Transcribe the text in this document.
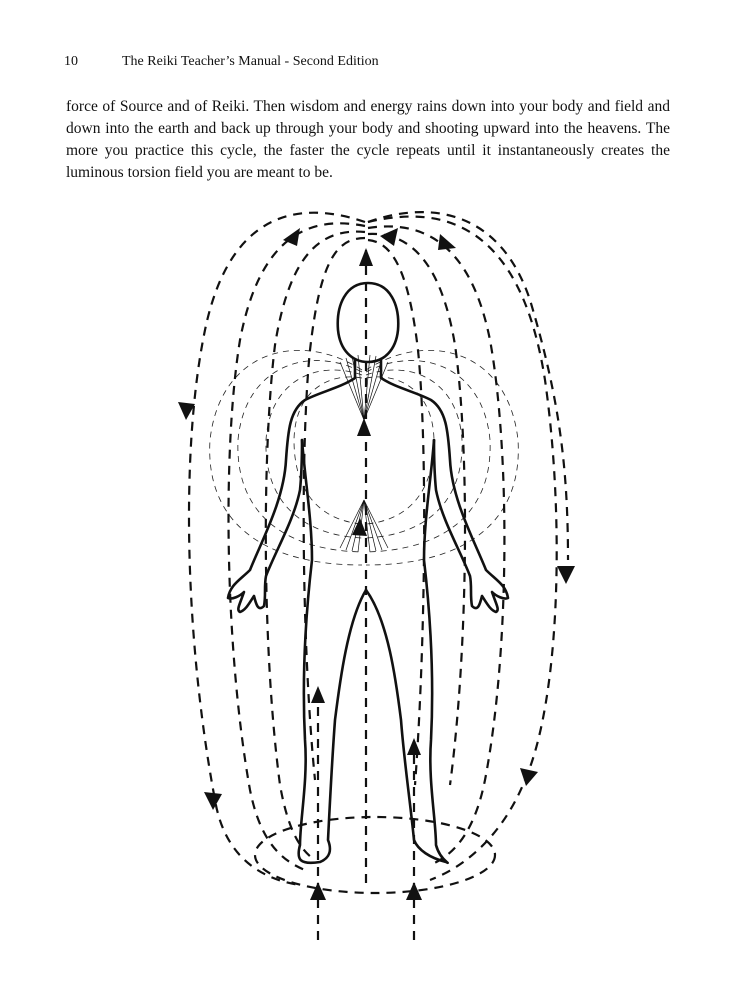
10	The Reiki Teacher’s Manual - Second Edition

force of Source and of Reiki. Then wisdom and energy rains down into your body and field and down into the earth and back up through your body and shooting upward into the heavens. The more you practice this cycle, the faster the cycle repeats until it instantaneously creates the luminous torsion field you are meant to be.
